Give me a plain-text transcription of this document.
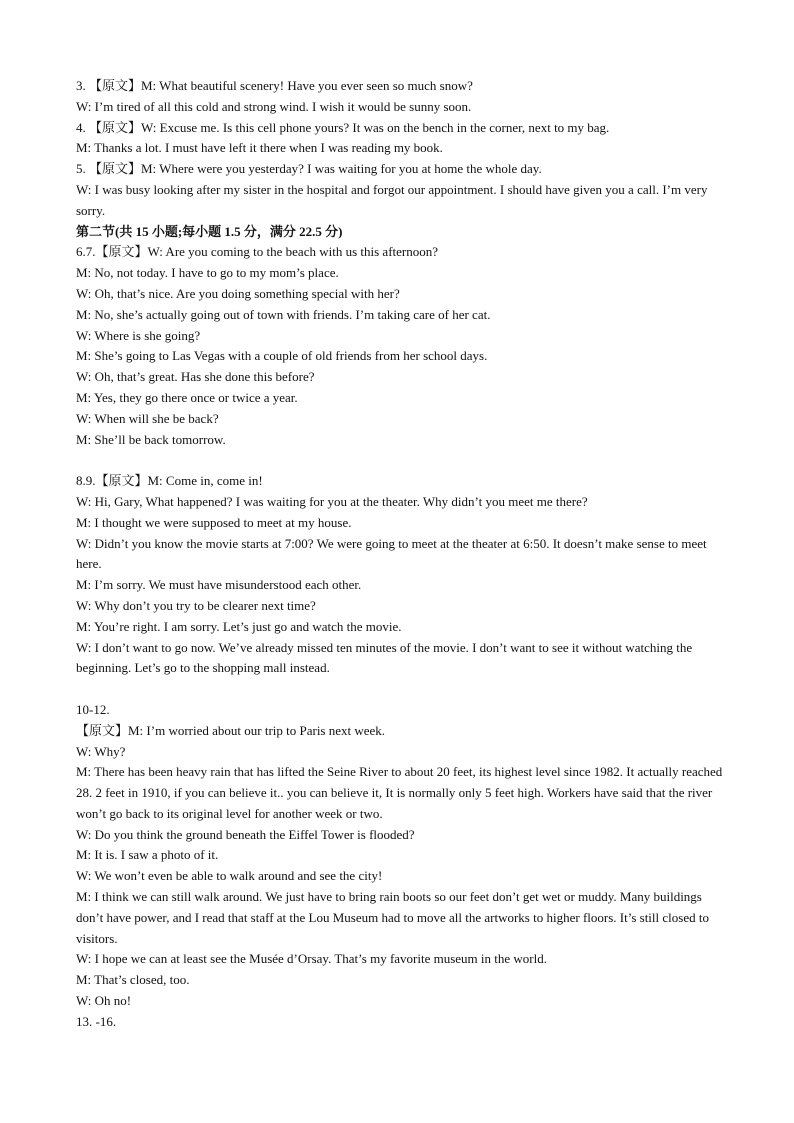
3. 【原文】M: What beautiful scenery! Have you ever seen so much snow?
W: I’m tired of all this cold and strong wind. I wish it would be sunny soon.
4. 【原文】W: Excuse me. Is this cell phone yours? It was on the bench in the corner, next to my bag.
M: Thanks a lot. I must have left it there when I was reading my book.
5. 【原文】M: Where were you yesterday? I was waiting for you at home the whole day.
W: I was busy looking after my sister in the hospital and forgot our appointment. I should have given you a call. I’m very sorry.
第二节(共 15 小题;每小题 1.5 分，满分 22.5 分)
6.7.【原文】W: Are you coming to the beach with us this afternoon?
M: No, not today. I have to go to my mom’s place.
W: Oh, that’s nice. Are you doing something special with her?
M: No, she’s actually going out of town with friends. I’m taking care of her cat.
W: Where is she going?
M: She’s going to Las Vegas with a couple of old friends from her school days.
W: Oh, that’s great. Has she done this before?
M: Yes, they go there once or twice a year.
W: When will she be back?
M: She’ll be back tomorrow.
8.9.【原文】M: Come in, come in!
W: Hi, Gary, What happened? I was waiting for you at the theater. Why didn’t you meet me there?
M: I thought we were supposed to meet at my house.
W: Didn’t you know the movie starts at 7:00? We were going to meet at the theater at 6:50. It doesn’t make sense to meet here.
M: I’m sorry. We must have misunderstood each other.
W: Why don’t you try to be clearer next time?
M: You’re right. I am sorry. Let’s just go and watch the movie.
W: I don’t want to go now. We’ve already missed ten minutes of the movie. I don’t want to see it without watching the beginning. Let’s go to the shopping mall instead.
10-12.
【原文】M: I’m worried about our trip to Paris next week.
W: Why?
M: There has been heavy rain that has lifted the Seine River to about 20 feet, its highest level since 1982. It actually reached 28. 2 feet in 1910, if you can believe it.. you can believe it, It is normally only 5 feet high. Workers have said that the river won’t go back to its original level for another week or two.
W: Do you think the ground beneath the Eiffel Tower is flooded?
M: It is. I saw a photo of it.
W: We won’t even be able to walk around and see the city!
M: I think we can still walk around. We just have to bring rain boots so our feet don’t get wet or muddy. Many buildings don’t have power, and I read that staff at the Lou Museum had to move all the artworks to higher floors. It’s still closed to visitors.
W: I hope we can at least see the Musée d’Orsay. That’s my favorite museum in the world.
M: That’s closed, too.
W: Oh no!
13. -16.
